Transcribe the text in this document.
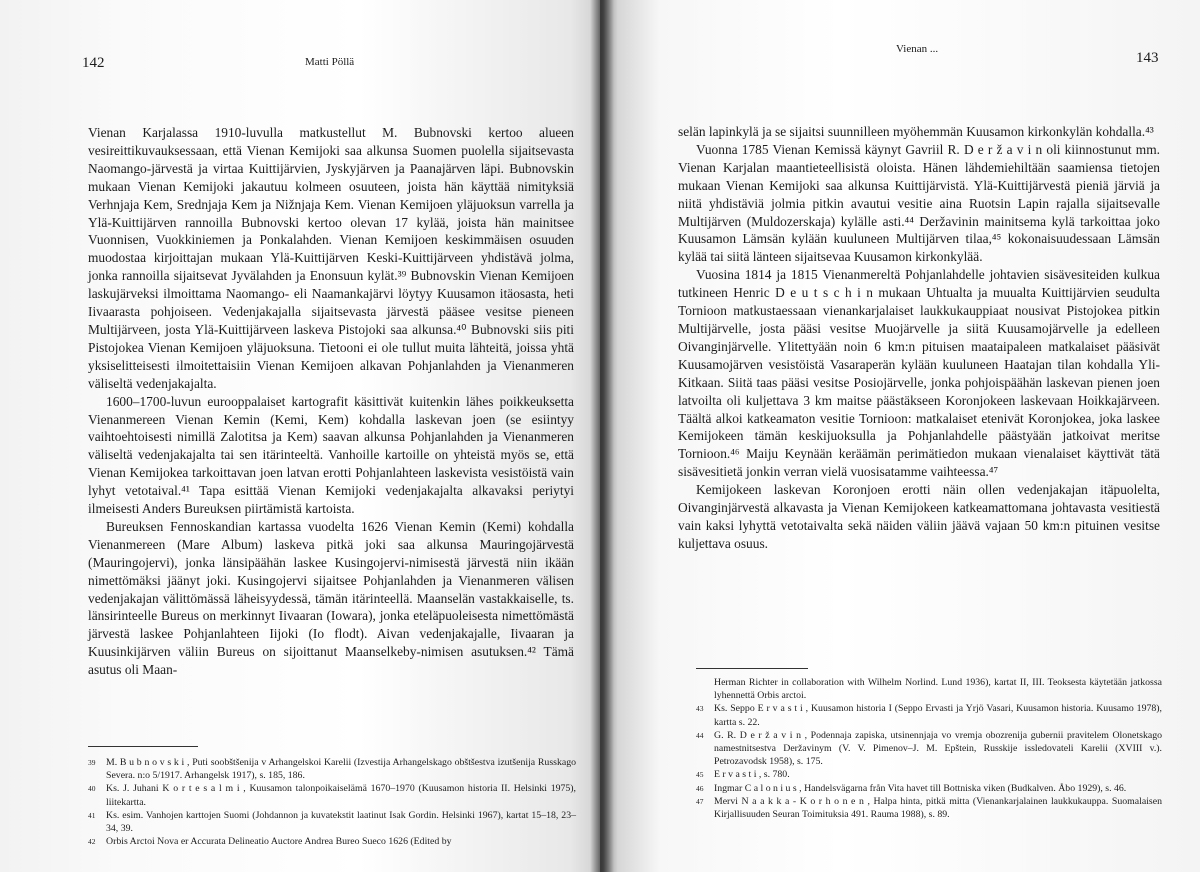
142	Matti Pöllä

Vienan Karjalassa 1910-luvulla matkustellut M. Bubnovski kertoo alueen vesireittikuvauksessaan, että Vienan Kemijoki saa alkunsa Suomen puolella sijaitsevasta Naomango-järvestä ja virtaa Kuittijärvien, Jyskyjärven ja Paanajärven läpi. Bubnovskin mukaan Vienan Kemijoki jakautuu kolmeen osuuteen, joista hän käyttää nimityksiä Verhnjaja Kem, Srednjaja Kem ja Nižnjaja Kem. Vienan Kemijoen yläjuoksun varrella ja Ylä-Kuittijärven rannoilla Bubnovski kertoo olevan 17 kylää, joista hän mainitsee Vuonnisen, Vuokkiniemen ja Ponkalahden. Vienan Kemijoen keskimmäisen osuuden muodostaa kirjoittajan mukaan Ylä-Kuittijärven Keski-Kuittijärveen yhdistävä jolma, jonka rannoilla sijaitsevat Jyvälahden ja Enonsuun kylät.³⁹ Bubnovskin Vienan Kemijoen laskujärveksi ilmoittama Naomango- eli Naamankajärvi löytyy Kuusamon itäosasta, heti Iivaarasta pohjoiseen. Vedenjakajalla sijaitsevasta järvestä pääsee vesitse pieneen Multijärveen, josta Ylä-Kuittijärveen laskeva Pistojoki saa alkunsa.⁴⁰ Bubnovski siis piti Pistojokea Vienan Kemijoen yläjuoksuna. Tietooni ei ole tullut muita lähteitä, joissa yhtä yksiselitteisesti ilmoitettaisiin Vienan Kemijoen alkavan Pohjanlahden ja Vienanmeren väliseltä vedenjakajalta.

1600–1700-luvun eurooppalaiset kartografit käsittivät kuitenkin lähes poikkeuksetta Vienanmereen Vienan Kemin (Kemi, Kem) kohdalla laskevan joen (se esiintyy vaihtoehtoisesti nimillä Zalotitsa ja Kem) saavan alkunsa Pohjanlahden ja Vienanmeren väliseltä vedenjakajalta tai sen itärinteeltä. Vanhoille kartoille on yhteistä myös se, että Vienan Kemijokea tarkoittavan joen latvan erotti Pohjanlahteen laskevista vesistöistä vain lyhyt vetotaival.⁴¹ Tapa esittää Vienan Kemijoki vedenjakajalta alkavaksi periytyi ilmeisesti Anders Bureuksen piirtämistä kartoista.

Bureuksen Fennoskandian kartassa vuodelta 1626 Vienan Kemin (Kemi) kohdalla Vienanmereen (Mare Album) laskeva pitkä joki saa alkunsa Mauringojärvestä (Mauringojervi), jonka länsipäähän laskee Kusingojervi-nimisestä järvestä niin ikään nimettömäksi jäänyt joki. Kusingojervi sijaitsee Pohjanlahden ja Vienanmeren välisen vedenjakajan välittömässä läheisyydessä, tämän itärinteellä. Maanselän vastakkaiselle, ts. länsirinteelle Bureus on merkinnyt Iivaaran (Iowara), jonka eteläpuoleisesta nimettömästä järvestä laskee Pohjanlahteen Iijoki (Io flodt). Aivan vedenjakajalle, Iivaaran ja Kuusinkijärven väliin Bureus on sijoittanut Maanselkeby-nimisen asutuksen.⁴² Tämä asutus oli Maan-

39	M. B u b n o v s k i , Puti soobštšenija v Arhangelskoi Karelii (Izvestija Arhangelskago obštšestva izutšenija Russkago Severa. n:o 5/1917. Arhangelsk 1917), s. 185, 186.
40	Ks. J. Juhani K o r t e s a l m i , Kuusamon talonpoikaiselämä 1670–1970 (Kuusamon historia II. Helsinki 1975), liitekartta.
41	Ks. esim. Vanhojen karttojen Suomi (Johdannon ja kuvatekstit laatinut Isak Gordin. Helsinki 1967), kartat 15–18, 23–34, 39.
42	Orbis Arctoi Nova er Accurata Delineatio Auctore Andrea Bureo Sueco 1626 (Edited by
Vienan ...
143

selän lapinkylä ja se sijaitsi suunnilleen myöhemmän Kuusamon kirkonkylän kohdalla.⁴³

Vuonna 1785 Vienan Kemissä käynyt Gavriil R. D e r ž a v i n oli kiinnostunut mm. Vienan Karjalan maantieteellisistä oloista. Hänen lähdemiehiltään saamiensa tietojen mukaan Vienan Kemijoki saa alkunsa Kuittijärvistä. Ylä-Kuittijärvestä pieniä järviä ja niitä yhdistäviä jolmia pitkin avautui vesitie aina Ruotsin Lapin rajalla sijaitsevalle Multijärven (Muldozerskaja) kylälle asti.⁴⁴ Deržavinin mainitsema kylä tarkoittaa joko Kuusamon Lämsän kylään kuuluneen Multijärven tilaa,⁴⁵ kokonaisuudessaan Lämsän kylää tai siitä länteen sijaitsevaa Kuusamon kirkonkylää.

Vuosina 1814 ja 1815 Vienanmereltä Pohjanlahdelle johtavien sisävesiteiden kulkua tutkineen Henric D e u t s c h i n mukaan Uhtualta ja muualta Kuittijärvien seudulta Tornioon matkustaessaan vienankarjalaiset laukkukauppiaat nousivat Pistojokea pitkin Multijärvelle, josta pääsi vesitse Muojärvelle ja siitä Kuusamojärvelle ja edelleen Oivanginjärvelle. Ylitettyään noin 6 km:n pituisen maataipaleen matkalaiset pääsivät Kuusamojärven vesistöistä Vasaraperän kylään kuuluneen Haatajan tilan kohdalla Yli-Kitkaan. Siitä taas pääsi vesitse Posiojärvelle, jonka pohjoispäähän laskevan pienen joen latvoilta oli kuljettava 3 km maitse päästäkseen Koronjokeen laskevaan Hoikkajärveen. Täältä alkoi katkeamaton vesitie Tornioon: matkalaiset etenivät Koronjokea, joka laskee Kemijokeen tämän keskijuoksulla ja Pohjanlahdelle päästyään jatkoivat meritse Tornioon.⁴⁶ Maiju Keynään keräämän perimätiedon mukaan vienalaiset käyttivät tätä sisävesitietä jonkin verran vielä vuosisatamme vaihteessa.⁴⁷

Kemijokeen laskevan Koronjoen erotti näin ollen vedenjakajan itäpuolelta, Oivanginjärvestä alkavasta ja Vienan Kemijokeen katkeamattomana johtavasta vesitiestä vain kaksi lyhyttä vetotaivalta sekä näiden väliin jäävä vajaan 50 km:n pituinen vesitse kuljettava osuus.

Herman Richter in collaboration with Wilhelm Norlind. Lund 1936), kartat II, III. Teoksesta käytetään jatkossa lyhennettä Orbis arctoi.
43	Ks. Seppo E r v a s t i , Kuusamon historia I (Seppo Ervasti ja Yrjö Vasari, Kuusamon historia. Kuusamo 1978), kartta s. 22.
44	G. R. D e r ž a v i n , Podennaja zapiska, utsinennjaja vo vremja obozrenija gubernii pravitelem Olonetskago namestnitsestva Deržavinym (V. V. Pimenov–J. M. Epštein, Russkije issledovateli Karelii (XVIII v.). Petrozavodsk 1958), s. 175.
45	E r v a s t i , s. 780.
46	Ingmar C a l o n i u s , Handelsvägarna från Vita havet till Bottniska viken (Budkalven. Åbo 1929), s. 46.
47	Mervi N a a k k a - K o r h o n e n , Halpa hinta, pitkä mitta (Vienankarjalainen laukkukauppa. Suomalaisen Kirjallisuuden Seuran Toimituksia 491. Rauma 1988), s. 89.
